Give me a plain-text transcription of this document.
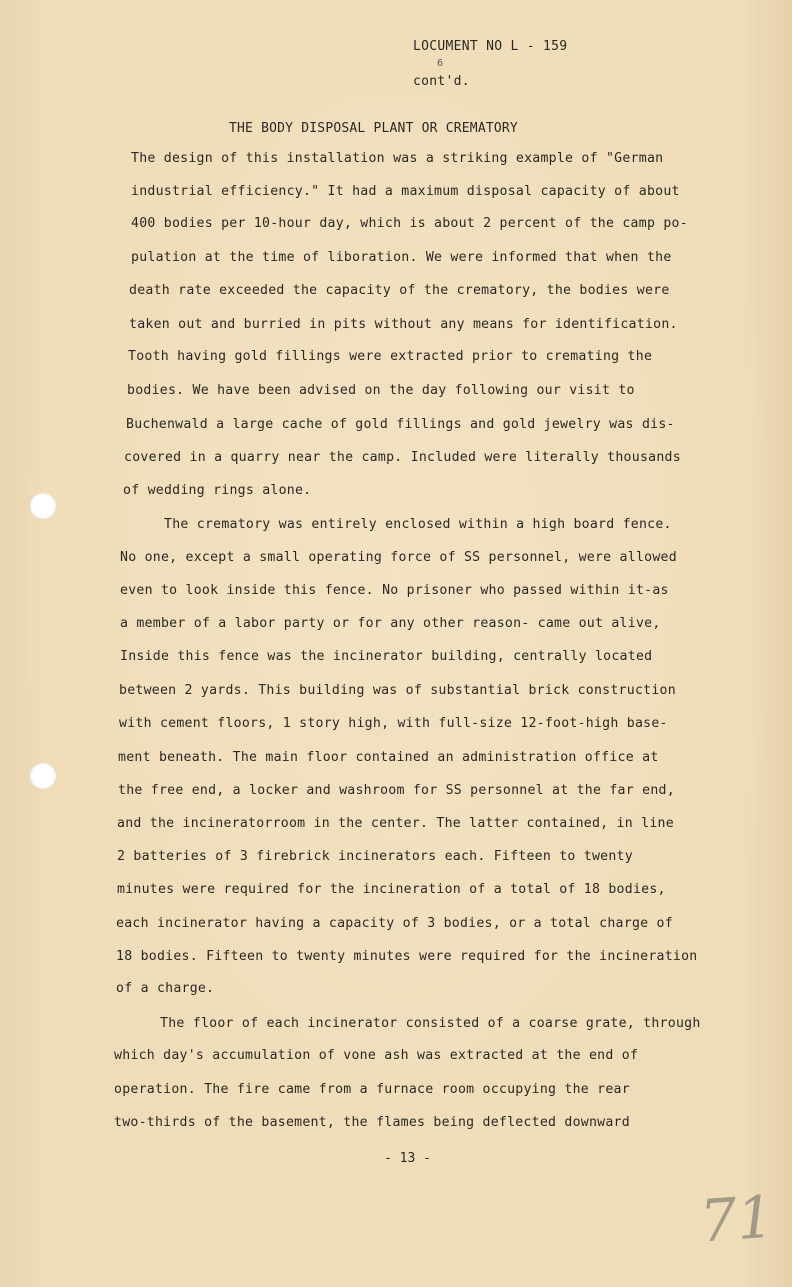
LOCUMENT NO L - 159
6
cont'd.
THE BODY DISPOSAL PLANT OR CREMATORY
The design of this installation was a striking example of "German
industrial efficiency." It had a maximum disposal capacity of about
400 bodies per 10-hour day, which is about 2 percent of the camp po-
pulation at the time of liboration. We were informed that when the
death rate exceeded the capacity of the crematory, the bodies were
taken out and burried in pits without any means for identification.
Tooth having gold fillings were extracted prior to cremating the
bodies. We have been advised on the day following our visit to
Buchenwald a large cache of gold fillings and gold jewelry was dis-
covered in a quarry near the camp. Included were literally thousands
of wedding rings alone.
The crematory was entirely enclosed within a high board fence.
No one, except a small operating force of SS personnel, were allowed
even to look inside this fence. No prisoner who passed within it-as
a member of a labor party or for any other reason- came out alive,
Inside this fence was the incinerator building, centrally located
between 2 yards. This building was of substantial brick construction
with cement floors, 1 story high, with full-size 12-foot-high base-
ment beneath. The main floor contained an administration office at
the free end, a locker and washroom for SS personnel at the far end,
and the incineratorroom in the center. The latter contained, in line
2 batteries of 3 firebrick incinerators each. Fifteen to twenty
minutes were required for the incineration of a total of 18 bodies,
each incinerator having a capacity of 3 bodies, or a total charge of
18 bodies. Fifteen to twenty minutes were required for the incineration
of a charge.
The floor of each incinerator consisted of a coarse grate, through
which day's accumulation of vone ash was extracted at the end of
operation. The fire came from a furnace room occupying the rear
two-thirds of the basement, the flames being deflected downward
- 13 -
71
